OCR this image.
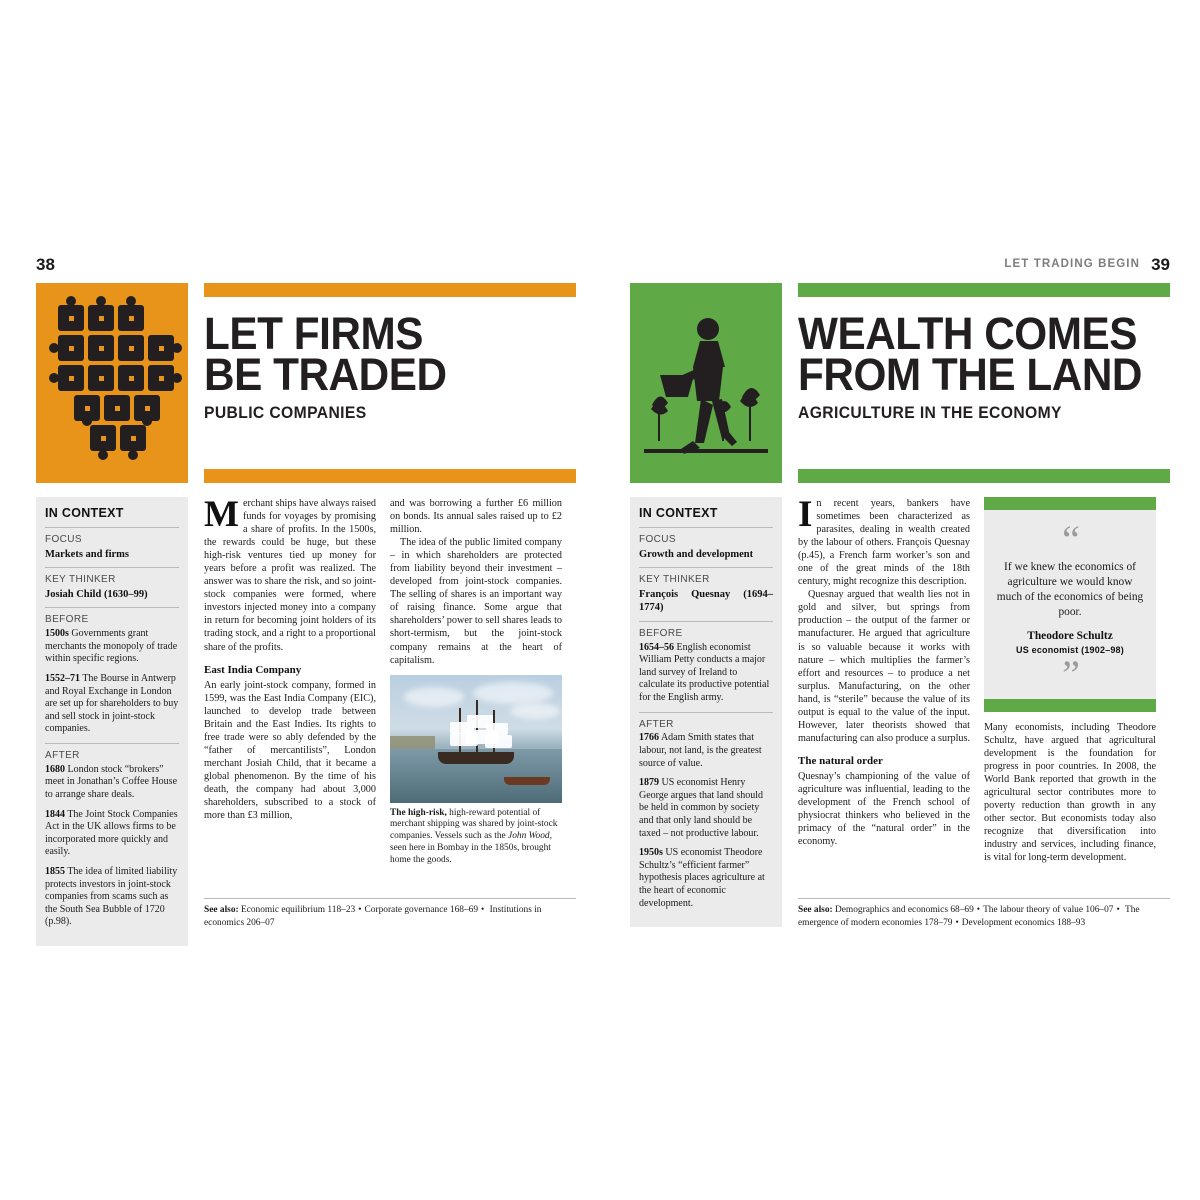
38
LET FIRMS
BE TRADED
PUBLIC COMPANIES
IN CONTEXT
FOCUS
Markets and firms
KEY THINKER
Josiah Child (1630–99)
BEFORE
1500s Governments grant merchants the monopoly of trade within specific regions.
1552–71 The Bourse in Antwerp and Royal Exchange in London are set up for shareholders to buy and sell stock in joint-stock companies.
AFTER
1680 London stock “brokers” meet in Jonathan’s Coffee House to arrange share deals.
1844 The Joint Stock Companies Act in the UK allows firms to be incorporated more quickly and easily.
1855 The idea of limited liability protects investors in joint-stock companies from scams such as the South Sea Bubble of 1720 (p.98).

Merchant ships have always raised funds for voyages by promising a share of profits. In the 1500s, the rewards could be huge, but these high-risk ventures tied up money for years before a profit was realized. The answer was to share the risk, and so joint-stock companies were formed, where investors injected money into a company in return for becoming joint holders of its trading stock, and a right to a proportional share of the profits.

East India Company

An early joint-stock company, formed in 1599, was the East India Company (EIC), launched to develop trade between Britain and the East Indies. Its rights to free trade were so ably defended by the “father of mercantilists”, London merchant Josiah Child, that it became a global phenomenon. By the time of his death, the company had about 3,000 shareholders, subscribed to a stock of more than £3 million,

and was borrowing a further £6 million on bonds. Its annual sales raised up to £2 million.

The idea of the public limited company – in which shareholders are protected from liability beyond their investment – developed from joint-stock companies. The selling of shares is an important way of raising finance. Some argue that shareholders’ power to sell shares leads to short-termism, but the joint-stock company remains at the heart of capitalism.

The high-risk, high-reward potential of merchant shipping was shared by joint-stock companies. Vessels such as the John Wood, seen here in Bombay in the 1850s, brought home the goods.
See also: Economic equilibrium 118–23 • Corporate governance 168–69 • Institutions in economics 206–07
LET TRADING BEGIN 39
WEALTH COMES
FROM THE LAND
AGRICULTURE IN THE ECONOMY
IN CONTEXT
FOCUS
Growth and development
KEY THINKER
François Quesnay (1694–1774)
BEFORE
1654–56 English economist William Petty conducts a major land survey of Ireland to calculate its productive potential for the English army.
AFTER
1766 Adam Smith states that labour, not land, is the greatest source of value.
1879 US economist Henry George argues that land should be held in common by society and that only land should be taxed – not productive labour.
1950s US economist Theodore Schultz’s “efficient farmer” hypothesis places agriculture at the heart of economic development.

In recent years, bankers have sometimes been characterized as parasites, dealing in wealth created by the labour of others. François Quesnay (p.45), a French farm worker’s son and one of the great minds of the 18th century, might recognize this description.

Quesnay argued that wealth lies not in gold and silver, but springs from production – the output of the farmer or manufacturer. He argued that agriculture is so valuable because it works with nature – which multiplies the farmer’s effort and resources – to produce a net surplus. Manufacturing, on the other hand, is “sterile” because the value of its output is equal to the value of the input. However, later theorists showed that manufacturing can also produce a surplus.

The natural order

Quesnay’s championing of the value of agriculture was influential, leading to the development of the French school of physiocrat thinkers who believed in the primacy of the “natural order” in the economy.

“
If we knew the economics of agriculture we would know much of the economics of being poor.
Theodore Schultz
US economist (1902–98)
”

Many economists, including Theodore Schultz, have argued that agricultural development is the foundation for progress in poor countries. In 2008, the World Bank reported that growth in the agricultural sector contributes more to poverty reduction than growth in any other sector. But economists today also recognize that diversification into industry and services, including finance, is vital for long-term development.

See also: Demographics and economics 68–69 • The labour theory of value 106–07 • The emergence of modern economies 178–79 • Development economics 188–93
